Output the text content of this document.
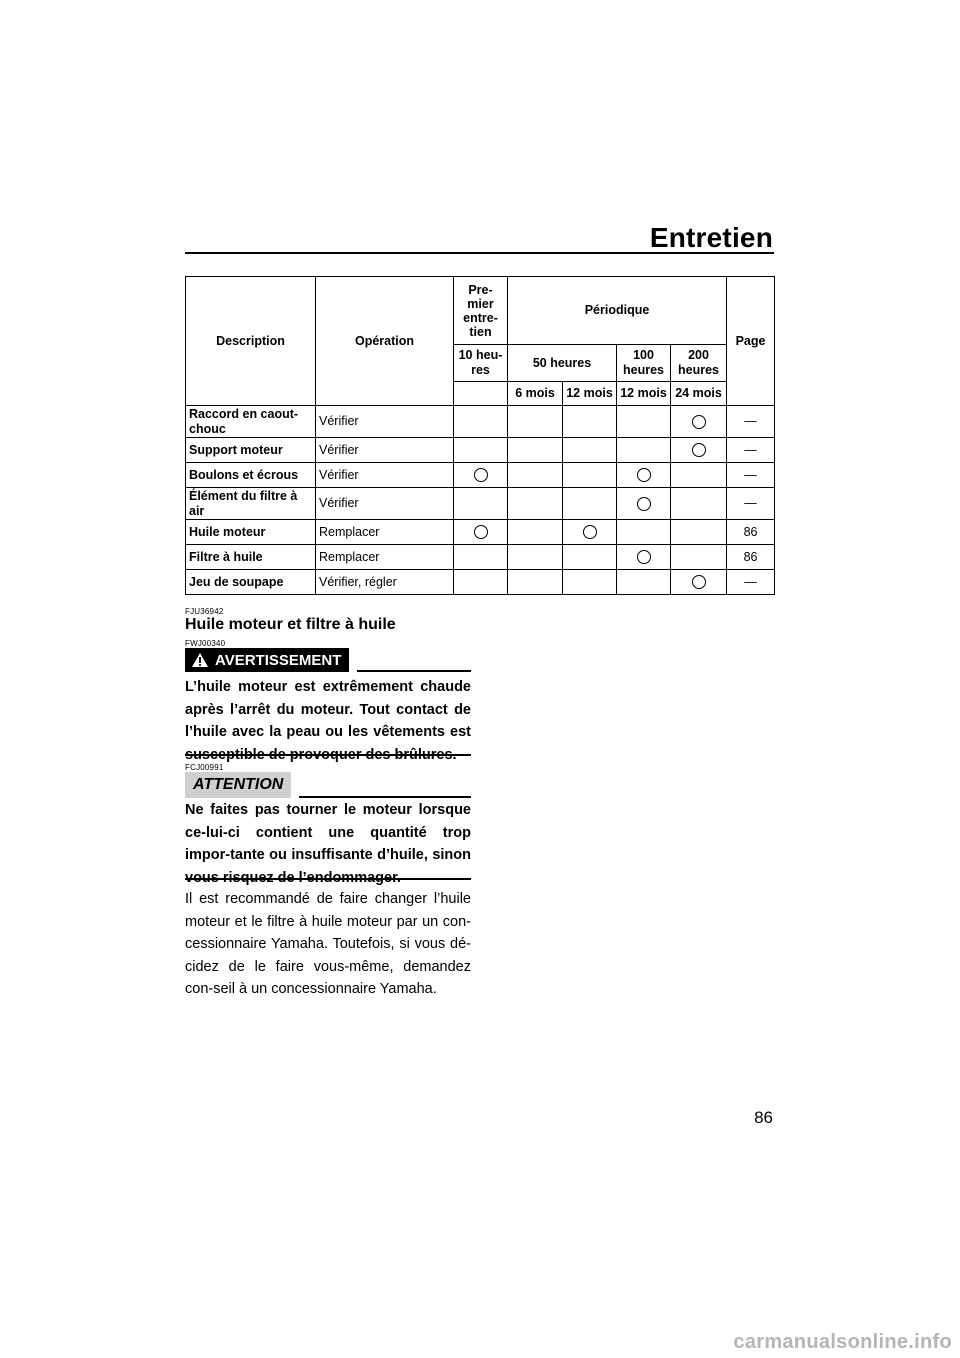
Entretien
Description	Opération	Pre-
mier
entre-
tien	Périodique				Page
		10 heu-
res	50 heures		100
heures	200
heures	
			6 mois	12 mois	12 mois	24 mois	
Raccord en caout-
chouc	Vérifier						—
Support moteur	Vérifier						—
Boulons et écrous	Vérifier						—
Élément du filtre à
air	Vérifier						—
Huile moteur	Remplacer						86
Filtre à huile	Remplacer						86
Jeu de soupape	Vérifier, régler						—
FJU36942
Huile moteur et filtre à huile
FWJ00340
AVERTISSEMENT
L’huile moteur est extrêmement chaude après l’arrêt du moteur. Tout contact de l’huile avec la peau ou les vêtements est susceptible de provoquer des brûlures.
FCJ00991
ATTENTION
Ne faites pas tourner le moteur lorsque ce-lui-ci contient une quantité trop impor-tante ou insuffisante d’huile, sinon vous risquez de l’endommager.
Il est recommandé de faire changer l’huile moteur et le filtre à huile moteur par un con-cessionnaire Yamaha. Toutefois, si vous dé-cidez de le faire vous-même, demandez con-seil à un concessionnaire Yamaha.
86
carmanualsonline.info
